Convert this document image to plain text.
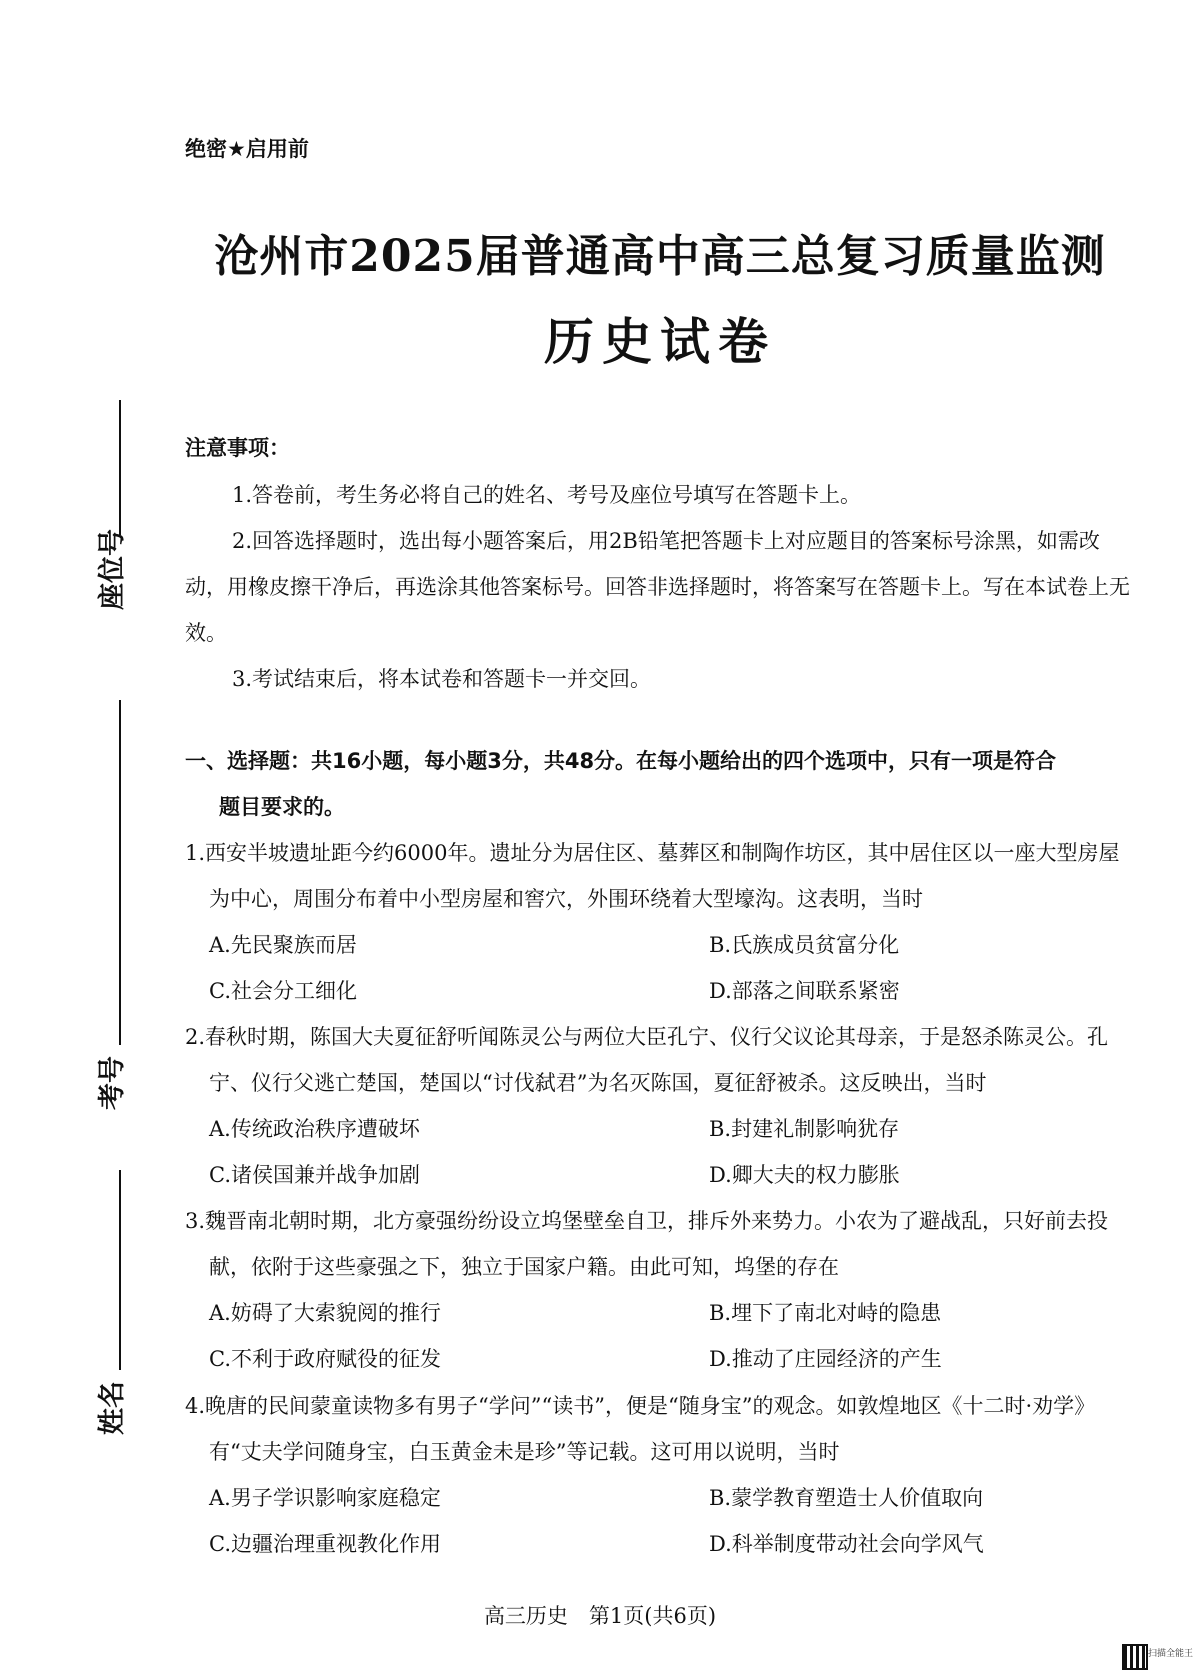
绝密★启用前
沧州市2025届普通高中高三总复习质量监测
历史试卷
座位号
考号
姓名
注意事项：
1.答卷前，考生务必将自己的姓名、考号及座位号填写在答题卡上。
2.回答选择题时，选出每小题答案后，用2B铅笔把答题卡上对应题目的答案标号涂黑，如需改动，用橡皮擦干净后，再选涂其他答案标号。回答非选择题时，将答案写在答题卡上。写在本试卷上无效。
3.考试结束后，将本试卷和答题卡一并交回。
一、选择题：共16小题，每小题3分，共48分。在每小题给出的四个选项中，只有一项是符合
题目要求的。
1.西安半坡遗址距今约6000年。遗址分为居住区、墓葬区和制陶作坊区，其中居住区以一座大型房屋为中心，周围分布着中小型房屋和窖穴，外围环绕着大型壕沟。这表明，当时
A.先民聚族而居	B.氏族成员贫富分化
C.社会分工细化	D.部落之间联系紧密
2.春秋时期，陈国大夫夏征舒听闻陈灵公与两位大臣孔宁、仪行父议论其母亲，于是怒杀陈灵公。孔宁、仪行父逃亡楚国，楚国以“讨伐弑君”为名灭陈国，夏征舒被杀。这反映出，当时
A.传统政治秩序遭破坏	B.封建礼制影响犹存
C.诸侯国兼并战争加剧	D.卿大夫的权力膨胀
3.魏晋南北朝时期，北方豪强纷纷设立坞堡壁垒自卫，排斥外来势力。小农为了避战乱，只好前去投献，依附于这些豪强之下，独立于国家户籍。由此可知，坞堡的存在
A.妨碍了大索貌阅的推行	B.埋下了南北对峙的隐患
C.不利于政府赋役的征发	D.推动了庄园经济的产生
4.晚唐的民间蒙童读物多有男子“学问”“读书”，便是“随身宝”的观念。如敦煌地区《十二时·劝学》有“丈夫学问随身宝，白玉黄金未是珍”等记载。这可用以说明，当时
A.男子学识影响家庭稳定	B.蒙学教育塑造士人价值取向
C.边疆治理重视教化作用	D.科举制度带动社会向学风气
高三历史　第1页(共6页)
扫描全能王
